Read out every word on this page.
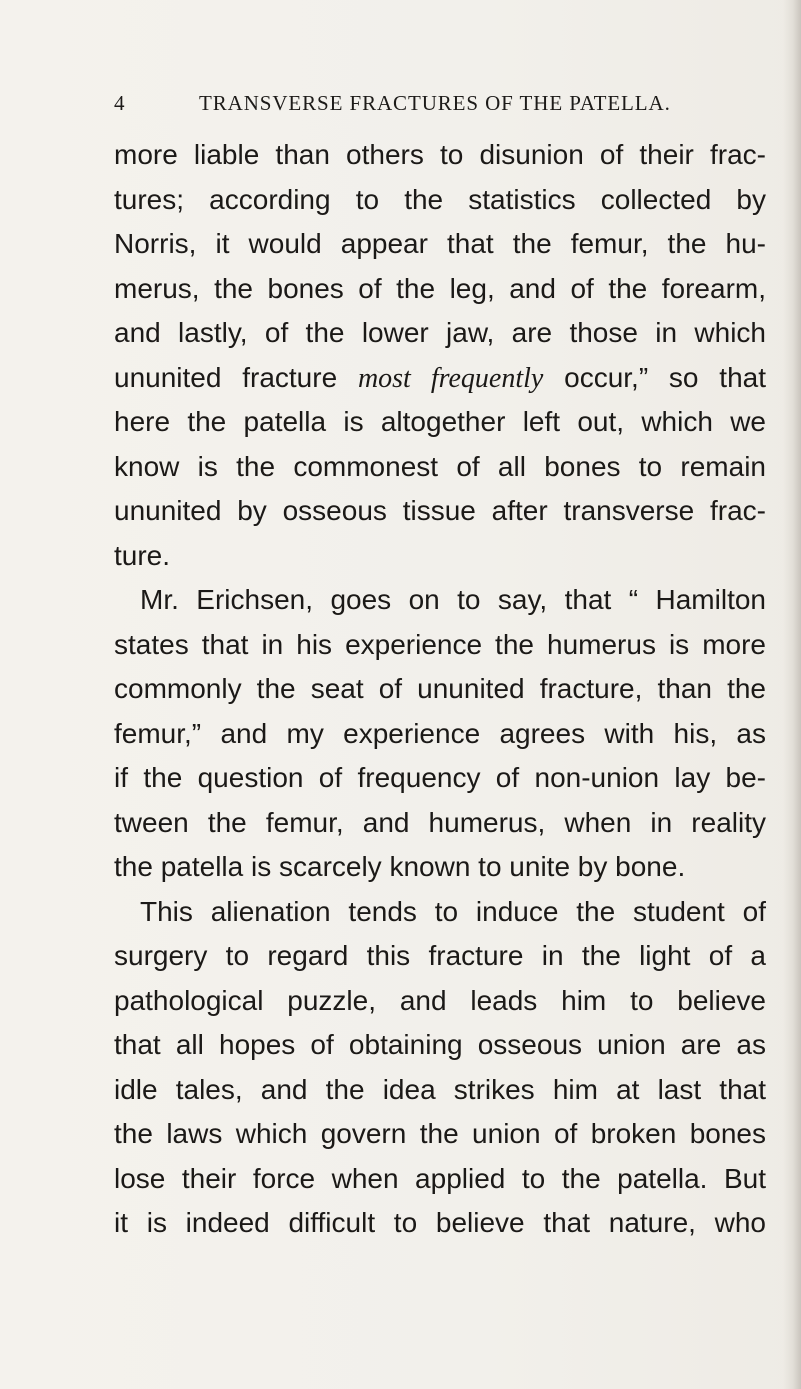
4	TRANSVERSE FRACTURES OF THE PATELLA.
more liable than others to disunion of their frac-
tures; according to the statistics collected by
Norris, it would appear that the femur, the hu-
merus, the bones of the leg, and of the forearm,
and lastly, of the lower jaw, are those in which
ununited fracture most frequently occur,” so that
here the patella is altogether left out, which we
know is the commonest of all bones to remain
ununited by osseous tissue after transverse frac-
ture.
Mr. Erichsen, goes on to say, that “ Hamilton
states that in his experience the humerus is more
commonly the seat of ununited fracture, than the
femur,” and my experience agrees with his, as
if the question of frequency of non-union lay be-
tween the femur, and humerus, when in reality
the patella is scarcely known to unite by bone.
This alienation tends to induce the student of
surgery to regard this fracture in the light of a
pathological puzzle, and leads him to believe
that all hopes of obtaining osseous union are as
idle tales, and the idea strikes him at last that
the laws which govern the union of broken bones
lose their force when applied to the patella. But
it is indeed difficult to believe that nature, who
